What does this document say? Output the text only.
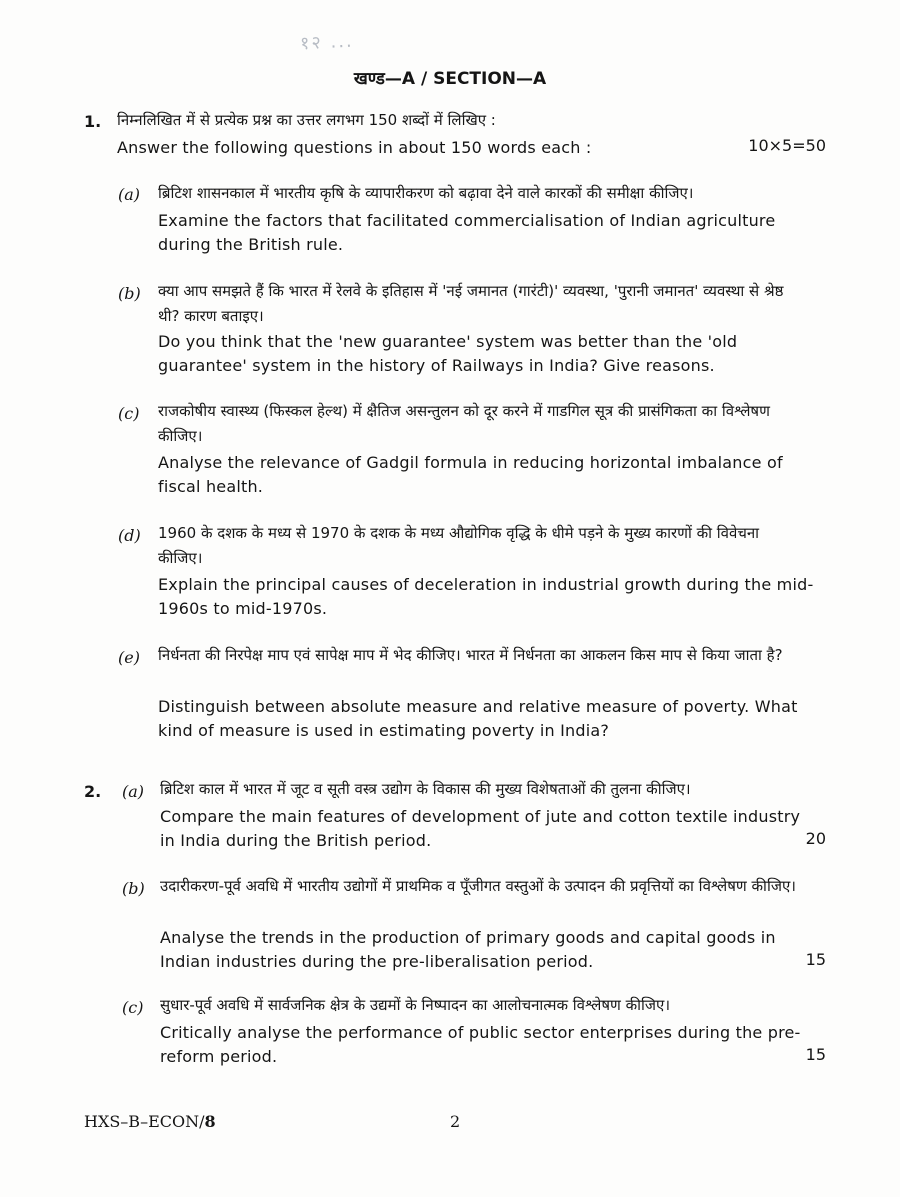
१२ ...
खण्ड—A / SECTION—A
1. निम्नलिखित में से प्रत्येक प्रश्न का उत्तर लगभग 150 शब्दों में लिखिए :

Answer the following questions in about 150 words each :	10×5=50
(a) ब्रिटिश शासनकाल में भारतीय कृषि के व्यापारीकरण को बढ़ावा देने वाले कारकों की समीक्षा कीजिए।

Examine the factors that facilitated commercialisation of Indian agriculture during the British rule.

(b) क्या आप समझते हैं कि भारत में रेलवे के इतिहास में 'नई जमानत (गारंटी)' व्यवस्था, 'पुरानी जमानत' व्यवस्था से श्रेष्ठ थी? कारण बताइए।

Do you think that the 'new guarantee' system was better than the 'old guarantee' system in the history of Railways in India? Give reasons.

(c) राजकोषीय स्वास्थ्य (फिस्कल हेल्थ) में क्षैतिज असन्तुलन को दूर करने में गाडगिल सूत्र की प्रासंगिकता का विश्लेषण कीजिए।

Analyse the relevance of Gadgil formula in reducing horizontal imbalance of fiscal health.

(d) 1960 के दशक के मध्य से 1970 के दशक के मध्य औद्योगिक वृद्धि के धीमे पड़ने के मुख्य कारणों की विवेचना कीजिए।

Explain the principal causes of deceleration in industrial growth during the mid-1960s to mid-1970s.

(e) निर्धनता की निरपेक्ष माप एवं सापेक्ष माप में भेद कीजिए। भारत में निर्धनता का आकलन किस माप से किया जाता है?

Distinguish between absolute measure and relative measure of poverty. What kind of measure is used in estimating poverty in India?

2. (a) ब्रिटिश काल में भारत में जूट व सूती वस्त्र उद्योग के विकास की मुख्य विशेषताओं की तुलना कीजिए।

Compare the main features of development of jute and cotton textile industry in India during the British period.	20
(b) उदारीकरण-पूर्व अवधि में भारतीय उद्योगों में प्राथमिक व पूँजीगत वस्तुओं के उत्पादन की प्रवृत्तियों का विश्लेषण कीजिए।

Analyse the trends in the production of primary goods and capital goods in Indian industries during the pre-liberalisation period.	15
(c) सुधार-पूर्व अवधि में सार्वजनिक क्षेत्र के उद्यमों के निष्पादन का आलोचनात्मक विश्लेषण कीजिए।

Critically analyse the performance of public sector enterprises during the pre-reform period.	15
HXS–B–ECON/8	2
